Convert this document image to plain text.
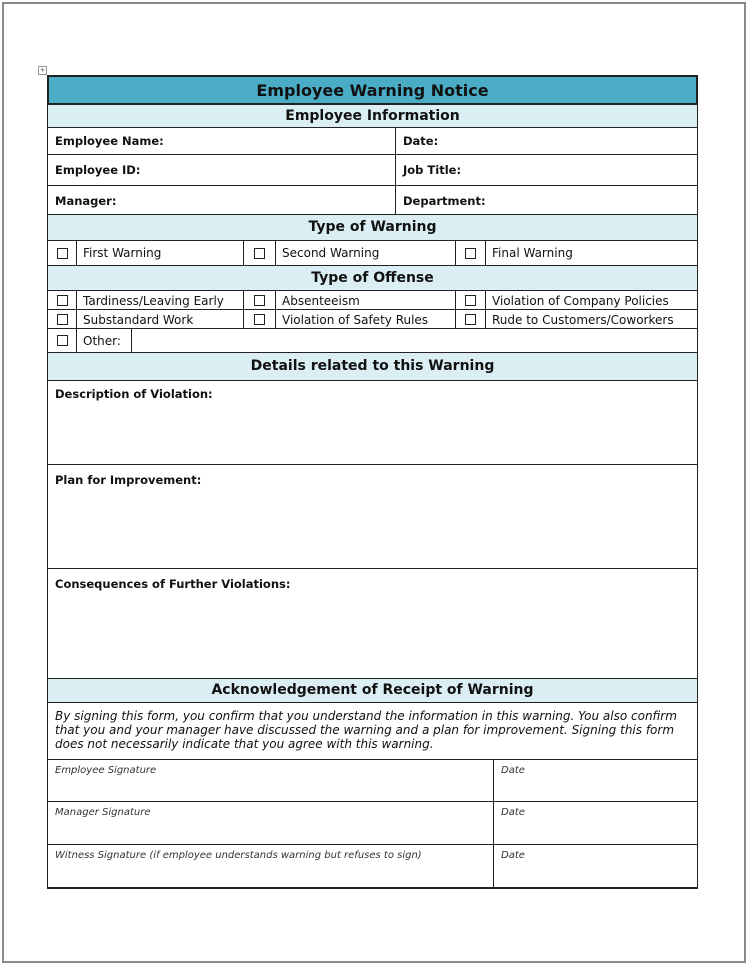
+
Employee Warning Notice
Employee Information
Employee Name:	Date:
Employee ID:	Job Title:
Manager:	Department:
Type of Warning
First Warning	Second Warning	Final Warning
Type of Offense
Tardiness/Leaving Early	Absenteeism	Violation of Company Policies
Substandard Work	Violation of Safety Rules	Rude to Customers/Coworkers
Other:
Details related to this Warning
Description of Violation:
Plan for Improvement:
Consequences of Further Violations:
Acknowledgement of Receipt of Warning
By signing this form, you confirm that you understand the information in this warning. You also confirm that you and your manager have discussed the warning and a plan for improvement. Signing this form does not necessarily indicate that you agree with this warning.
Employee Signature	Date
Manager Signature	Date
Witness Signature (if employee understands warning but refuses to sign)	Date
